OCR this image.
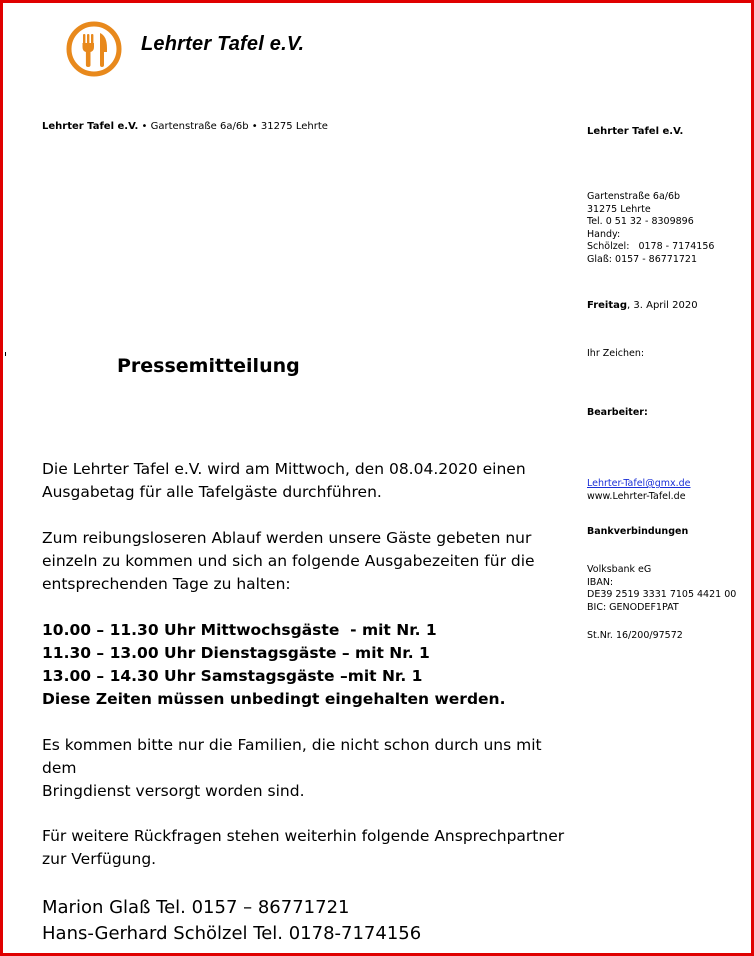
Lehrter Tafel e.V.
Lehrter Tafel e.V. • Gartenstraße 6a/6b • 31275 Lehrte	Lehrter Tafel e.V.
Gartenstraße 6a/6b
31275 Lehrte
Tel. 0 51 32 - 8309896
Handy:
Schölzel:   0178 - 7174156
Glaß: 0157 - 86771721
Freitag, 3. April 2020
Ihr Zeichen:
Bearbeiter:
Lehrter-Tafel@gmx.de
www.Lehrter-Tafel.de
Bankverbindungen
Volksbank eG
IBAN:
DE39 2519 3331 7105 4421 00
BIC: GENODEF1PAT
St.Nr. 16/200/97572
Pressemitteilung
Die Lehrter Tafel e.V. wird am Mittwoch, den 08.04.2020 einen
Ausgabetag für alle Tafelgäste durchführen.
Zum reibungsloseren Ablauf werden unsere Gäste gebeten nur
einzeln zu kommen und sich an folgende Ausgabezeiten für die
entsprechenden Tage zu halten:
10.00 – 11.30 Uhr Mittwochsgäste  - mit Nr. 1
11.30 – 13.00 Uhr Dienstagsgäste – mit Nr. 1
13.00 – 14.30 Uhr Samstagsgäste –mit Nr. 1
Diese Zeiten müssen unbedingt eingehalten werden.
Es kommen bitte nur die Familien, die nicht schon durch uns mit dem
Bringdienst versorgt worden sind.
Für weitere Rückfragen stehen weiterhin folgende Ansprechpartner
zur Verfügung.
Marion Glaß Tel. 0157 – 86771721
Hans-Gerhard Schölzel Tel. 0178-7174156
